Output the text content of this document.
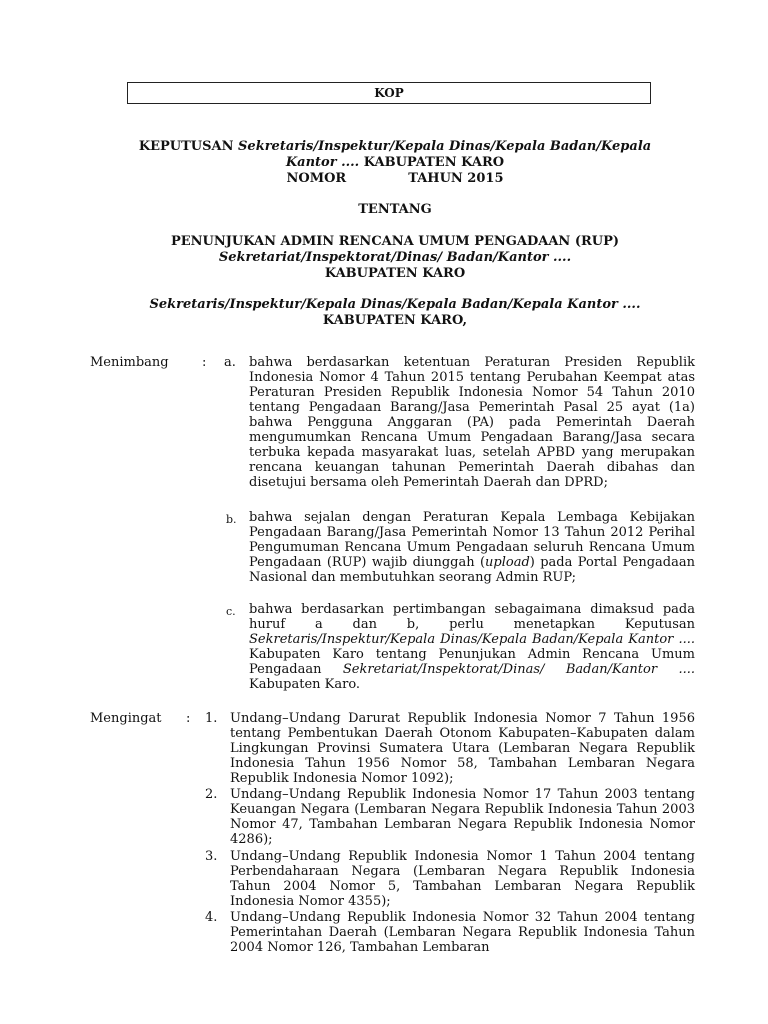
KOP
KEPUTUSAN Sekretaris/Inspektur/Kepala Dinas/Kepala Badan/Kepala
Kantor .... KABUPATEN KARO
NOMOR	TAHUN 2015
TENTANG
PENUNJUKAN ADMIN RENCANA UMUM PENGADAAN (RUP)
Sekretariat/Inspektorat/Dinas/ Badan/Kantor ....
KABUPATEN KARO
Sekretaris/Inspektur/Kepala Dinas/Kepala Badan/Kepala Kantor ....
KABUPATEN KARO,
Menimbang	: a. bahwa berdasarkan ketentuan Peraturan Presiden Republik Indonesia Nomor 4 Tahun 2015 tentang Perubahan Keempat atas Peraturan Presiden Republik Indonesia Nomor 54 Tahun 2010 tentang Pengadaan Barang/Jasa Pemerintah Pasal 25 ayat (1a) bahwa Pengguna Anggaran (PA) pada Pemerintah Daerah mengumumkan Rencana Umum Pengadaan Barang/Jasa secara terbuka kepada masyarakat luas, setelah APBD yang merupakan rencana keuangan tahunan Pemerintah Daerah dibahas dan disetujui bersama oleh Pemerintah Daerah dan DPRD;
b. bahwa sejalan dengan Peraturan Kepala Lembaga Kebijakan Pengadaan Barang/Jasa Pemerintah Nomor 13 Tahun 2012 Perihal Pengumuman Rencana Umum Pengadaan seluruh Rencana Umum Pengadaan (RUP) wajib diunggah (upload) pada Portal Pengadaan Nasional dan membutuhkan seorang Admin RUP;
c. bahwa berdasarkan pertimbangan sebagaimana dimaksud pada huruf a dan b, perlu menetapkan Keputusan Sekretaris/Inspektur/Kepala Dinas/Kepala Badan/Kepala Kantor .... Kabupaten Karo tentang Penunjukan Admin Rencana Umum Pengadaan Sekretariat/Inspektorat/Dinas/ Badan/Kantor .... Kabupaten Karo.
Mengingat : 1. Undang–Undang Darurat Republik Indonesia Nomor 7 Tahun 1956 tentang Pembentukan Daerah Otonom Kabupaten–Kabupaten dalam Lingkungan Provinsi Sumatera Utara (Lembaran Negara Republik Indonesia Tahun 1956 Nomor 58, Tambahan Lembaran Negara Republik Indonesia Nomor 1092);
2. Undang–Undang Republik Indonesia Nomor 17 Tahun 2003 tentang Keuangan Negara (Lembaran Negara Republik Indonesia Tahun 2003 Nomor 47, Tambahan Lembaran Negara Republik Indonesia Nomor 4286);
3. Undang–Undang Republik Indonesia Nomor 1 Tahun 2004 tentang Perbendaharaan Negara (Lembaran Negara Republik Indonesia Tahun 2004 Nomor 5, Tambahan Lembaran Negara Republik Indonesia Nomor 4355);
4. Undang–Undang Republik Indonesia Nomor 32 Tahun 2004 tentang Pemerintahan Daerah (Lembaran Negara Republik Indonesia Tahun 2004 Nomor 126, Tambahan Lembaran
